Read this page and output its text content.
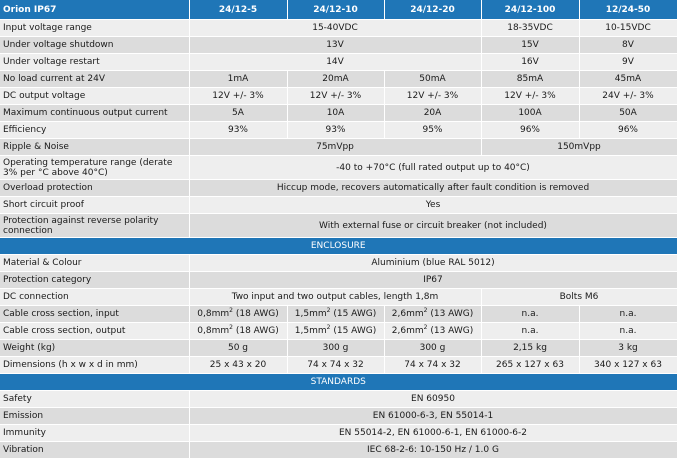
Orion IP67	24/12-5	24/12-10	24/12-20	24/12-100	12/24-50
Input voltage range	15-40VDC			18-35VDC	10-15VDC
Under voltage shutdown	13V			15V	8V
Under voltage restart	14V			16V	9V
No load current at 24V	1mA	20mA	50mA	85mA	45mA
DC output voltage	12V +/- 3%	12V +/- 3%	12V +/- 3%	12V +/- 3%	24V +/- 3%
Maximum continuous output current	5A	10A	20A	100A	50A
Efficiency	93%	93%	95%	96%	96%
Ripple & Noise	75mVpp			150mVpp	
Operating temperature range (derate 3% per °C above 40°C)	-40 to +70°C (full rated output up to 40°C)				
Overload protection	Hiccup mode, recovers automatically after fault condition is removed				
Short circuit proof	Yes				
Protection against reverse polarity connection	With external fuse or circuit breaker (not included)				
ENCLOSURE					
Material & Colour	Aluminium (blue RAL 5012)				
Protection category	IP67				
DC connection	Two input and two output cables, length 1,8m			Bolts M6	
Cable cross section, input	$0,8mm^2$ (18 AWG)	$1,5mm^2$ (15 AWG)	$2,6mm^2$ (13 AWG)	n.a.	n.a.
Cable cross section, output	$0,8mm^2$ (18 AWG)	$1,5mm^2$ (15 AWG)	$2,6mm^2$ (13 AWG)	n.a.	n.a.
Weight (kg)	50 g	300 g	300 g	2,15 kg	3 kg
Dimensions (h x w x d in mm)	25 x 43 x 20	74 x 74 x 32	74 x 74 x 32	265 x 127 x 63	340 x 127 x 63
STANDARDS					
Safety	EN 60950				
Emission	EN 61000-6-3, EN 55014-1				
Immunity	EN 55014-2, EN 61000-6-1, EN 61000-6-2				
Vibration	IEC 68-2-6: 10-150 Hz / 1.0 G				
